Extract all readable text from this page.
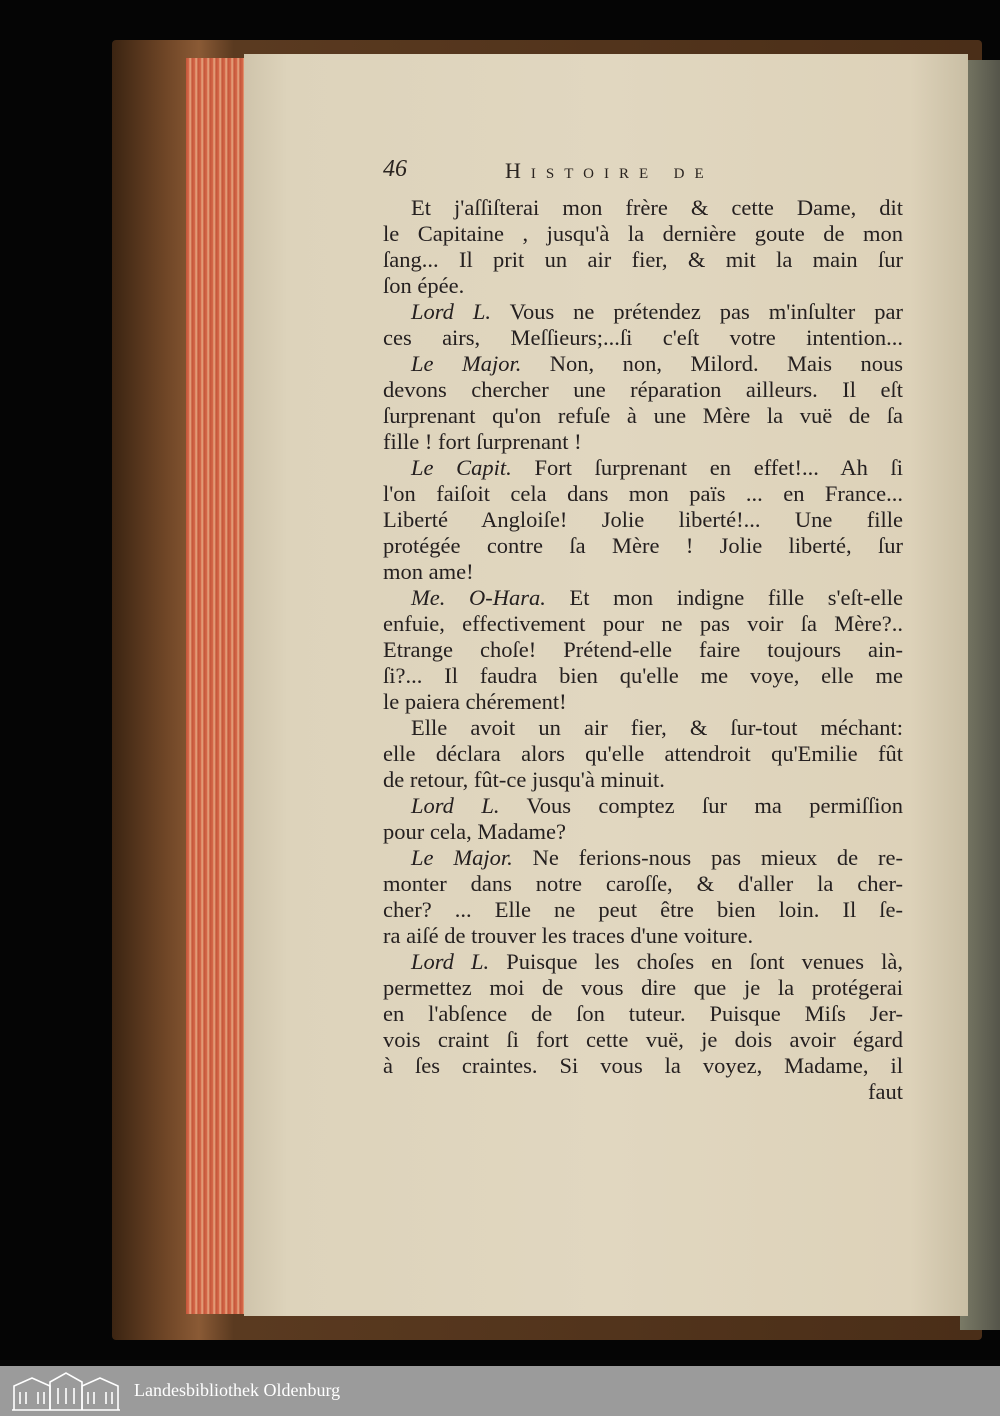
46	Histoire de
Et j'aſſiſterai mon frère & cette Dame, dit
le Capitaine , jusqu'à la dernière goute de mon
ſang... Il prit un air fier, & mit la main ſur
ſon épée.
Lord L. Vous ne prétendez pas m'inſulter par
ces airs, Meſſieurs;...ſi c'eſt votre intention...
Le Major. Non, non, Milord. Mais nous
devons chercher une réparation ailleurs. Il eſt
ſurprenant qu'on refuſe à une Mère la vuë de ſa
fille ! fort ſurprenant !
Le Capit. Fort ſurprenant en effet!... Ah ſi
l'on faiſoit cela dans mon païs ... en France...
Liberté Angloiſe! Jolie liberté!... Une fille
protégée contre ſa Mère ! Jolie liberté, ſur
mon ame!
Me. O-Hara. Et mon indigne fille s'eſt-elle
enfuie, effectivement pour ne pas voir ſa Mère?..
Etrange choſe! Prétend-elle faire toujours ain-
ſi?... Il faudra bien qu'elle me voye, elle me
le paiera chérement!
Elle avoit un air fier, & ſur-tout méchant:
elle déclara alors qu'elle attendroit qu'Emilie fût
de retour, fût-ce jusqu'à minuit.
Lord L. Vous comptez ſur ma permiſſion
pour cela, Madame?
Le Major. Ne ferions-nous pas mieux de re-
monter dans notre caroſſe, & d'aller la cher-
cher? ... Elle ne peut être bien loin. Il ſe-
ra aiſé de trouver les traces d'une voiture.
Lord L. Puisque les choſes en ſont venues là,
permettez moi de vous dire que je la protégerai
en l'abſence de ſon tuteur. Puisque Miſs Jer-
vois craint ſi fort cette vuë, je dois avoir égard
à ſes craintes. Si vous la voyez, Madame, il
faut
Landesbibliothek Oldenburg
